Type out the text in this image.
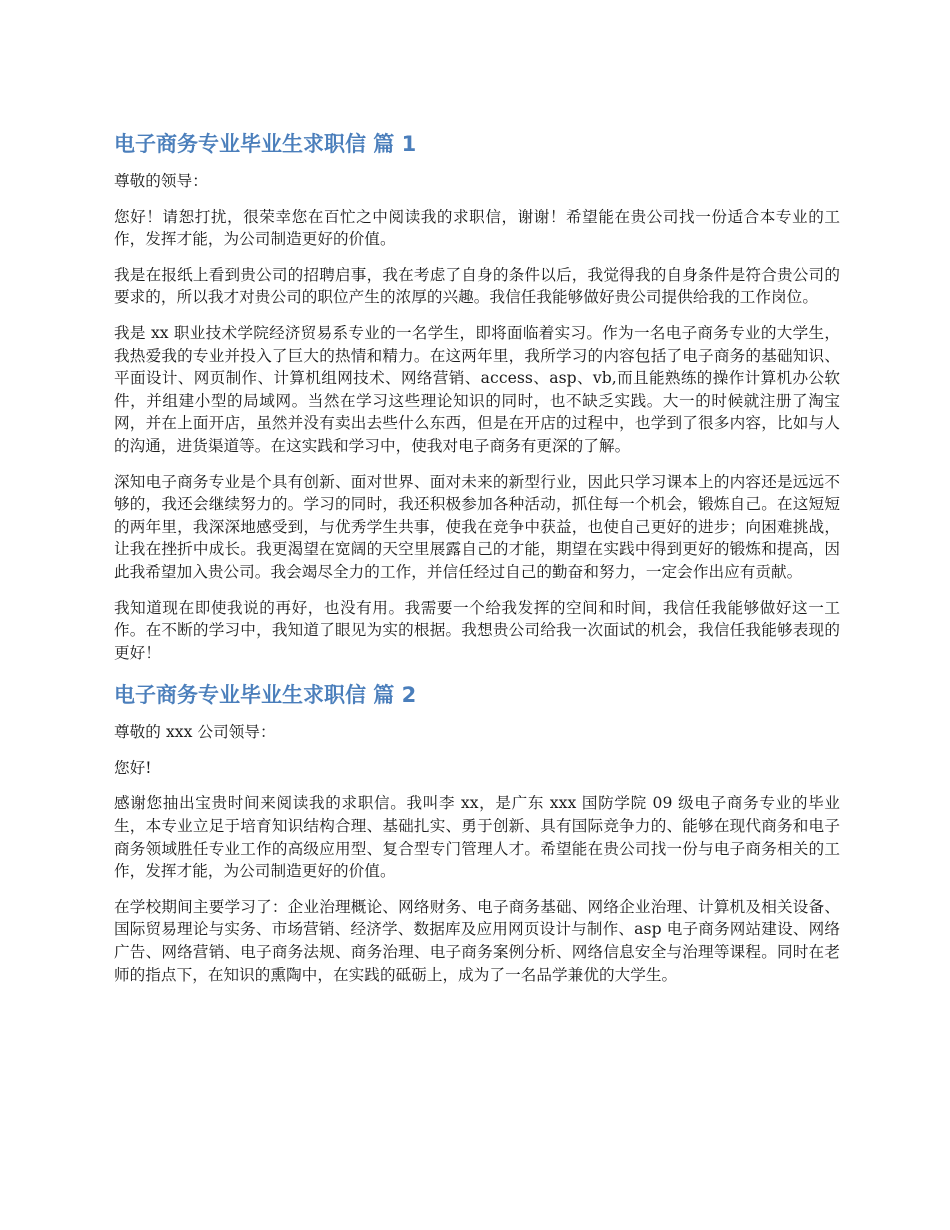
电子商务专业毕业生求职信 篇 1

尊敬的领导：

您好！请恕打扰，很荣幸您在百忙之中阅读我的求职信，谢谢！希望能在贵公司找一份适合本专业的工作，发挥才能，为公司制造更好的价值。

我是在报纸上看到贵公司的招聘启事，我在考虑了自身的条件以后，我觉得我的自身条件是符合贵公司的要求的，所以我才对贵公司的职位产生的浓厚的兴趣。我信任我能够做好贵公司提供给我的工作岗位。

我是 xx 职业技术学院经济贸易系专业的一名学生，即将面临着实习。作为一名电子商务专业的大学生，我热爱我的专业并投入了巨大的热情和精力。在这两年里，我所学习的内容包括了电子商务的基础知识、 平面设计、网页制作、计算机组网技术、网络营销、access、asp、vb,而且能熟练的操作计算机办公软件，并组建小型的局域网。当然在学习这些理论知识的同时，也不缺乏实践。大一的时候就注册了淘宝网，并在上面开店，虽然并没有卖出去些什么东西，但是在开店的过程中，也学到了很多内容，比如与人的沟通，进货渠道等。在这实践和学习中，使我对电子商务有更深的了解。

深知电子商务专业是个具有创新、面对世界、面对未来的新型行业，因此只学习课本上的内容还是远远不够的，我还会继续努力的。学习的同时，我还积极参加各种活动，抓住每一个机会，锻炼自己。在这短短的两年里，我深深地感受到，与优秀学生共事，使我在竞争中获益，也使自己更好的进步；向困难挑战，让我在挫折中成长。我更渴望在宽阔的天空里展露自己的才能，期望在实践中得到更好的锻炼和提高，因此我希望加入贵公司。我会竭尽全力的工作，并信任经过自己的勤奋和努力，一定会作出应有贡献。

我知道现在即使我说的再好，也没有用。我需要一个给我发挥的空间和时间，我信任我能够做好这一工作。在不断的学习中，我知道了眼见为实的根据。我想贵公司给我一次面试的机会，我信任我能够表现的更好！

电子商务专业毕业生求职信 篇 2

尊敬的 xxx 公司领导：

您好!

感谢您抽出宝贵时间来阅读我的求职信。我叫李 xx，是广东 xxx 国防学院 09 级电子商务专业的毕业生，本专业立足于培育知识结构合理、基础扎实、勇于创新、具有国际竞争力的、能够在现代商务和电子商务领域胜任专业工作的高级应用型、复合型专门管理人才。希望能在贵公司找一份与电子商务相关的工作，发挥才能，为公司制造更好的价值。

在学校期间主要学习了：企业治理概论、网络财务、电子商务基础、网络企业治理、计算机及相关设备、国际贸易理论与实务、市场营销、经济学、数据库及应用网页设计与制作、asp 电子商务网站建设、网络广告、网络营销、电子商务法规、商务治理、电子商务案例分析、网络信息安全与治理等课程。同时在老师的指点下，在知识的熏陶中，在实践的砥砺上，成为了一名品学兼优的大学生。
